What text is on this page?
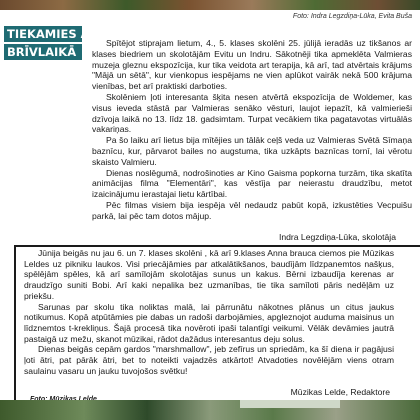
Foto: Indra Legzdiņa-Lūka, Evita Buša
TIEKAMIES ARĪ
BRĪVLAIKĀ

Spītējot stiprajam lietum, 4., 5. klases skolēni 25. jūlijā ieradās uz tikšanos ar klases biedriem un skolotājām Evitu un Indru. Sākotnēji tika apmeklēta Valmieras muzeja gleznu ekspozīcija, kur tika veidota art terapija, kā arī, tad atvērtais krājums "Mājā un sētā", kur vienkopus iespējams ne vien aplūkot vairāk nekā 500 krājuma vienības, bet arī praktiski darboties.

Skolēniem ļoti interesanta šķita nesen atvērtā ekspozīcija de Woldemer, kas visus ieveda stāstā par Valmieras senāko vēsturi, laujot iepazīt, kā valmierieši dzīvoja laikā no 13. līdz 18. gadsimtam. Turpat vecākiem tika pagatavotas virtuālās vakariņas.

Pa šo laiku arī lietus bija mītējies un tālāk ceļš veda uz Valmieras Svētā Sīmaņa baznīcu, kur, pārvarot bailes no augstuma, tika uzkāpts baznīcas tornī, lai vērotu skaisto Valmieru.

Dienas noslēgumā, nodrošinoties ar Kino Gaisma popkorna turzām, tika skatīta animācijas filma "Elementāri", kas vēstīja par neierastu draudzību, metot izaicinājumu ierastajai lietu kārtībai.

Pēc filmas visiem bija iespēja vēl nedaudz pabūt kopā, izkustēties Vecpuišu parkā, lai pēc tam dotos mājup.

Indra Legzdiņa-Lūka, skolotāja

Jūnija beigās nu jau 6. un 7. klases skolēni , kā arī 9.klases Anna brauca ciemos pie Mūzikas Leldes uz pikniku laukos. Visi priecājāmies par atkalātikšanos, baudījām līdzpanemtos našķus, spēlējām spēles, kā arī samīlojām skolotājas sunus un kakus. Bērni izbaudīja kerenas ar draudzīgo suniti Bobi. Arī kaki nepalika bez uzmanības, tie tika samīloti pāris nedēļām uz priekšu.

Sarunas par skolu tika noliktas malā, lai pārrunātu nākotnes plānus un citus jaukus notikumus. Kopā atpūtāmies pie dabas un radoši darbojāmies, apgleznojot auduma maisinus un līdznemtos t-krekliņus. Šajā procesā tika novēroti ipaši talantīgi veikumi. Vēlāk devāmies jautrā pastaigā uz mežu, skanot mūzikai, rādot dažādus interesantus deju solus.

Dienas beigās cepām gardos "marshmallow", jeb zefīrus un spriedām, ka šī diena ir pagājusi ļoti ātri, pat pārāk ātri, bet to noteikti vajadzēs atkārtot! Atvadoties novēlējām viens otram saulainu vasaru un jauku tuvojošos svētku!

Mūzikas Lelde, Redaktore
